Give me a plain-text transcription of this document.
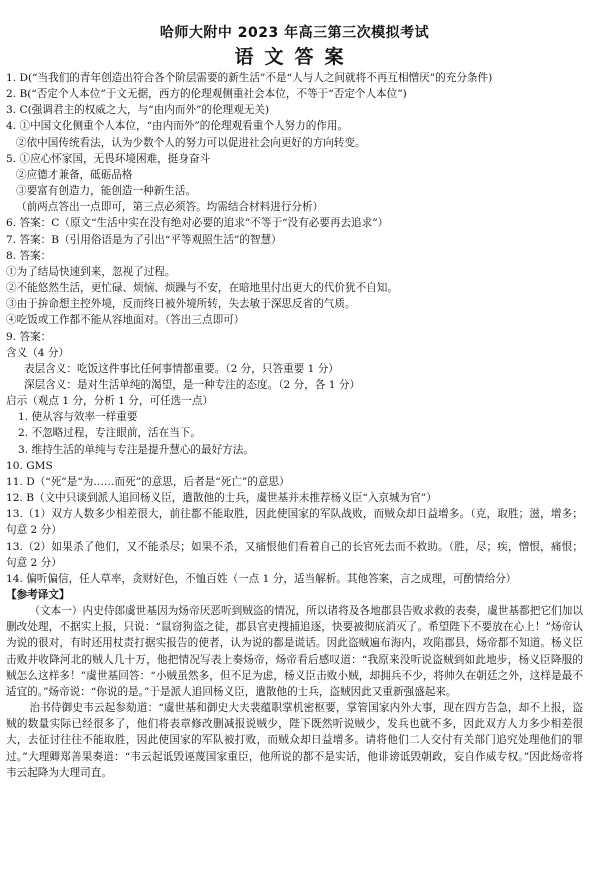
哈师大附中 2023 年高三第三次模拟考试
语文答案

1. D(“当我们的青年创造出符合各个阶层需要的新生活”不是“人与人之间就将不再互相憎厌”的充分条件)

2. B(“否定个人本位”于文无据，西方的伦理观侧重社会本位，不等于“否定个人本位”)

3. C(强调君主的权威之大，与“由内而外”的伦理观无关)

4. ①中国文化侧重个人本位，“由内而外”的伦理观看重个人努力的作用。

②依中国传统看法，认为少数个人的努力可以促进社会向更好的方向转变。

5. ①应心怀家国，无畏环境困难，挺身奋斗

②应德才兼备，砥砺品格

③要富有创造力，能创造一种新生活。

（前两点答出一点即可，第三点必须答。均需结合材料进行分析）

6. 答案：C（原文“生活中实在没有绝对必要的追求”不等于“没有必要再去追求”）

7. 答案：B（引用俗语是为了引出“平等观照生活”的智慧）

8. 答案：

①为了结局快速到来，忽视了过程。

②不能悠然生活，更忙碌、烦恼、烦躁与不安，在暗地里付出更大的代价犹不自知。

③由于拚命想主控外境，反而终日被外境所转，失去敏于深思反省的气质。

④吃饭或工作都不能从容地面对。（答出三点即可）

9. 答案：

含义（4 分）

表层含义：吃饭这件事比任何事情都重要。（2 分，只答重要 1 分）

深层含义：是对生活单纯的渴望，是一种专注的态度。（2 分，各 1 分）

启示（观点 1 分，分析 1 分，可任选一点）

1. 使从容与效率一样重要

2. 不忽略过程，专注眼前，活在当下。

3. 维持生活的单纯与专注是提升慧心的最好方法。

10. GMS

11. D（“死”是“为……而死”的意思，后者是“死亡”的意思）

12. B（文中只谈到派人追回杨义臣，遣散他的士兵，虞世基并未推荐杨义臣“入京城为官”）

13.（1）双方人数多少相差很大，前往都不能取胜，因此使国家的军队战败，而贼众却日益增多。（克，取胜；滋，增多；句意 2 分）

13.（2）如果杀了他们，又不能杀尽；如果不杀，又痛恨他们看着自己的长官死去而不救助。（胜，尽；疾，憎恨，痛恨；句意 2 分）

14. 偏听偏信，任人草率，贪财好色，不恤百姓（一点 1 分，适当解析。其他答案，言之成理，可酌情给分）

【参考译文】

（文本一）内史侍郎虞世基因为炀帝厌恶听到贼盗的情况，所以诸将及各地郡县告败求救的表奏，虞世基都把它们加以删改处理，不据实上报，只说：“鼠窃狗盗之徒，郡县官吏搜捕追逐，快要被彻底消灭了。希望陛下不要放在心上！”炀帝认为说的很对，有时还用杖责打据实报告的使者，认为说的都是谎话。因此盗贼遍布海内，攻陷郡县，炀帝都不知道。杨义臣击败并收降河北的贼人几十万，他把情况写表上奏炀帝，炀帝看后感叹道：“我原来没听说盗贼到如此地步，杨义臣降服的贼怎么这样多！”虞世基回答：“小贼虽然多，但不足为虑，杨义臣击败小贼，却拥兵不少，将帅久在朝廷之外，这样是最不适宜的。”炀帝说：“你说的是。”于是派人追回杨义臣，遣散他的士兵，盗贼因此又重新强盛起来。

治书侍御史韦云起参劾道：“虞世基和御史大夫裴蕴职掌机密枢要，掌管国家内外大事，现在四方告急，却不上报，盗贼的数量实际已经很多了，他们将表章修改删减报说贼少，陛下既然听说贼少，发兵也就不多，因此双方人力多少相差很大，去征讨往往不能取胜，因此使国家的军队被打败，而贼众却日益增多。请将他们二人交付有关部门追究处理他们的罪过。”大理卿郑善果奏道：“韦云起诋毁诬蔑国家重臣，他所说的都不是实话，他诽谤诋毁朝政，妄自作威专权。”因此炀帝将韦云起降为大理司直。
